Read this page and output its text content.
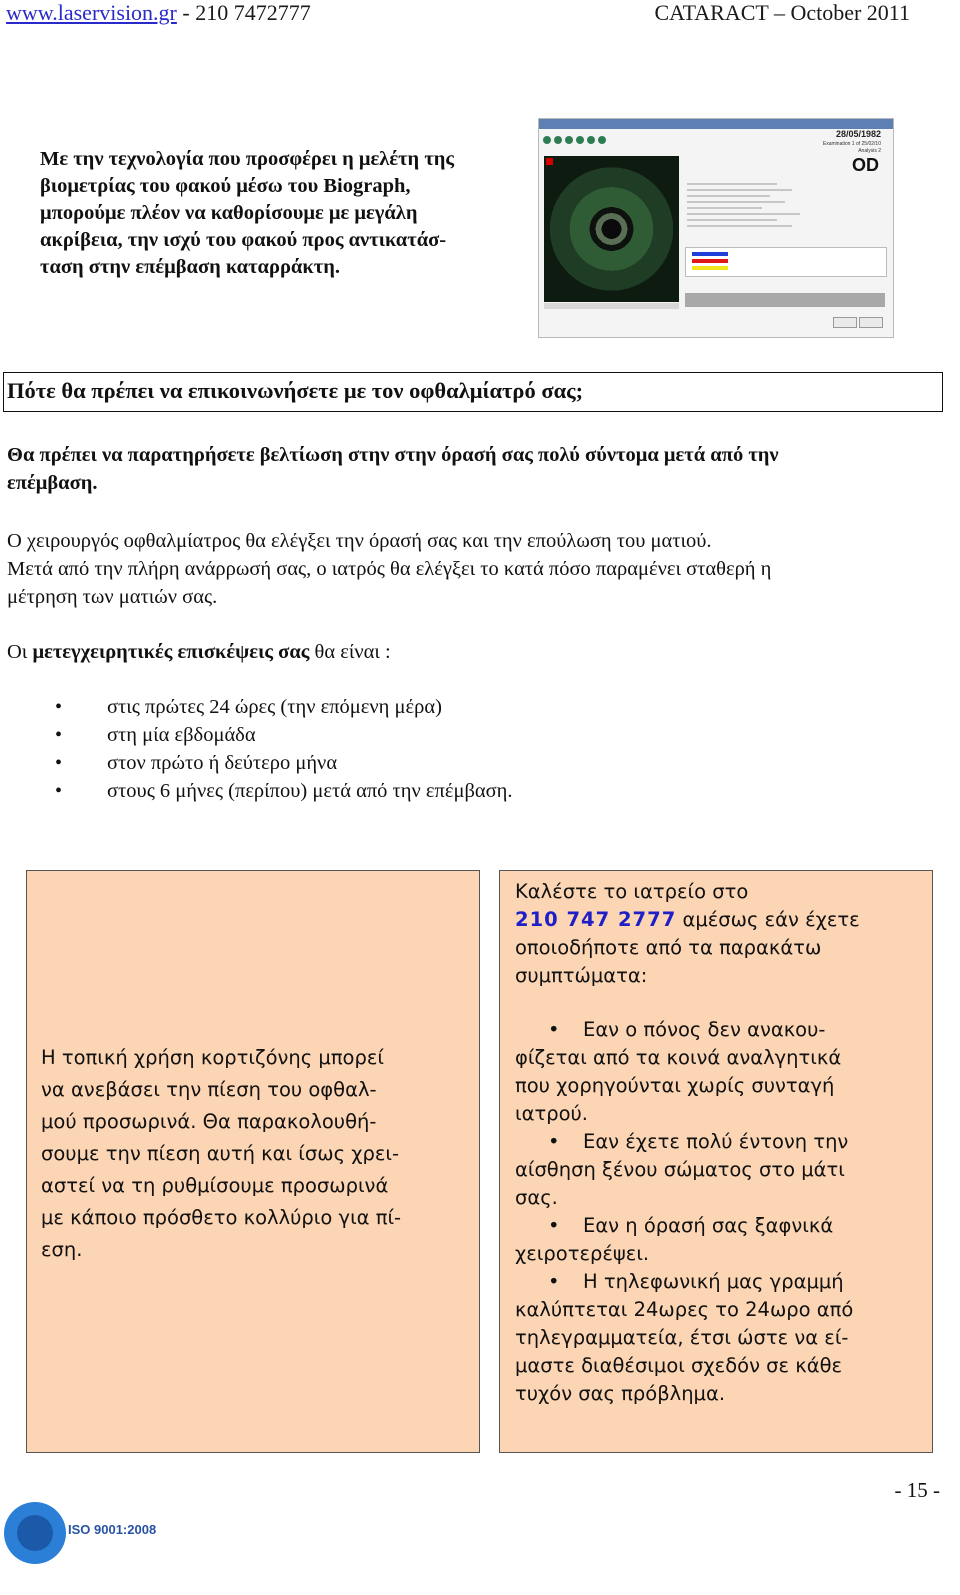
www.laservision.gr - 210 7472777	CATARACT – October 2011
Με την τεχνολογία που προσφέρει η μελέτη της
βιομετρίας του φακού μέσω του Biograph,
μπορούμε πλέον να καθορίσουμε με μεγάλη
ακρίβεια, την ισχύ του φακού προς αντικατάσ-
ταση στην επέμβαση καταρράκτη.
28/05/1982
Examination 1 of 25/02/10
Analysis 2
OD
Πότε θα πρέπει να επικοινωνήσετε με τον οφθαλμίατρό σας;
Θα πρέπει να παρατηρήσετε βελτίωση στην στην όρασή σας πολύ σύντομα μετά από την
επέμβαση.
Ο χειρουργός οφθαλμίατρος θα ελέγξει την όρασή σας και την επούλωση του ματιού.
Μετά από την πλήρη ανάρρωσή σας, ο ιατρός θα ελέγξει το κατά πόσο παραμένει σταθερή η
μέτρηση των ματιών σας.
Οι μετεγχειρητικές επισκέψεις σας θα είναι :
• στις πρώτες 24 ώρες (την επόμενη μέρα)
• στη μία εβδομάδα
• στον πρώτο ή δεύτερο μήνα
• στους 6 μήνες (περίπου) μετά από την επέμβαση.
Η τοπική χρήση κορτιζόνης μπορεί
να ανεβάσει την πίεση του οφθαλ-
μού προσωρινά. Θα παρακολουθή-
σουμε την πίεση αυτή και ίσως χρει-
αστεί να τη ρυθμίσουμε προσωρινά
με κάποιο πρόσθετο κολλύριο για πί-
εση.
Καλέστε το ιατρείο στο
210 747 2777 αμέσως εάν έχετε
οποιοδήποτε από τα παρακάτω
συμπτώματα:
• Εαν ο πόνος δεν ανακου-
φίζεται από τα κοινά αναλγητικά
που χορηγούνται χωρίς συνταγή
ιατρού.
• Εαν έχετε πολύ έντονη την
αίσθηση ξένου σώματος στο μάτι
σας.
• Εαν η όρασή σας ξαφνικά
χειροτερέψει.
• Η τηλεφωνική μας γραμμή
καλύπτεται 24ωρες το 24ωρο από
τηλεγραμματεία, έτσι ώστε να εί-
μαστε διαθέσιμοι σχεδόν σε κάθε
τυχόν σας πρόβλημα.
- 15 -
ISO 9001:2008
